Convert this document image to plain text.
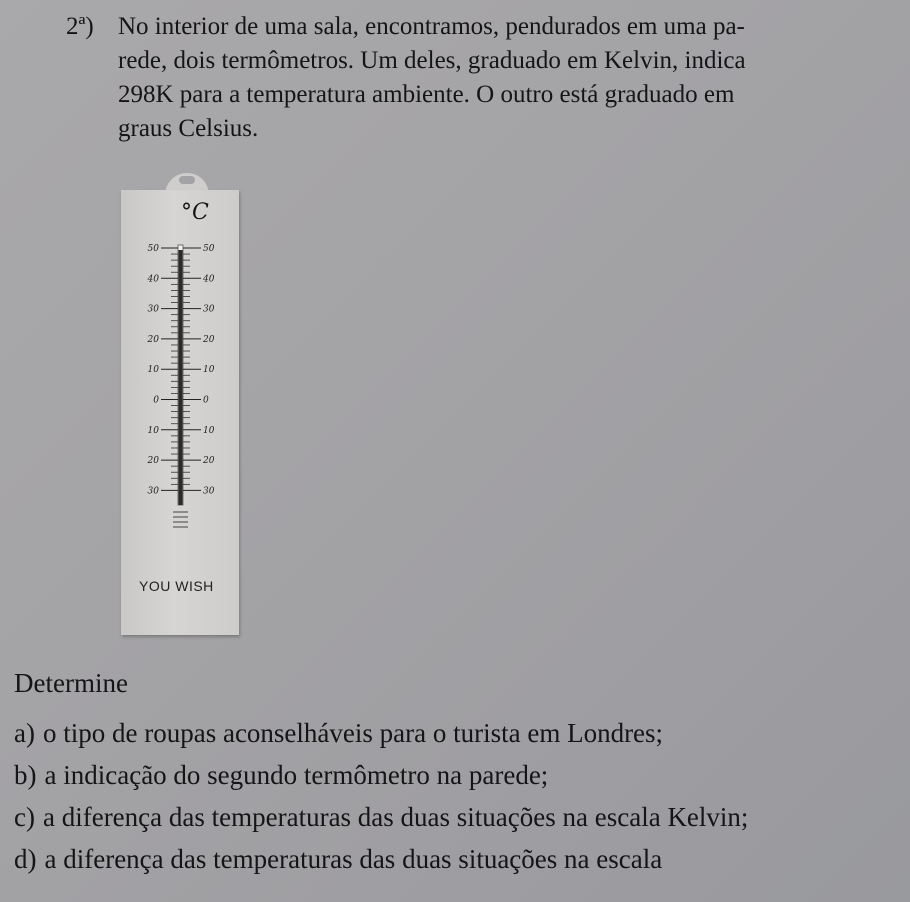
2ª) No interior de uma sala, encontramos, pendurados em uma pa-
rede, dois termômetros. Um deles, graduado em Kelvin, indica
298K para a temperatura ambiente. O outro está graduado em
graus Celsius.
°C
50	50
40	40
30	30
20	20
10	10
0	0
10	10
20	20
30	30
YOU WISH
Determine
a) o tipo de roupas aconselháveis para o turista em Londres;
b) a indicação do segundo termômetro na parede;
c) a diferença das temperaturas das duas situações na escala Kelvin;
d) a diferença das temperaturas das duas situações na escala
